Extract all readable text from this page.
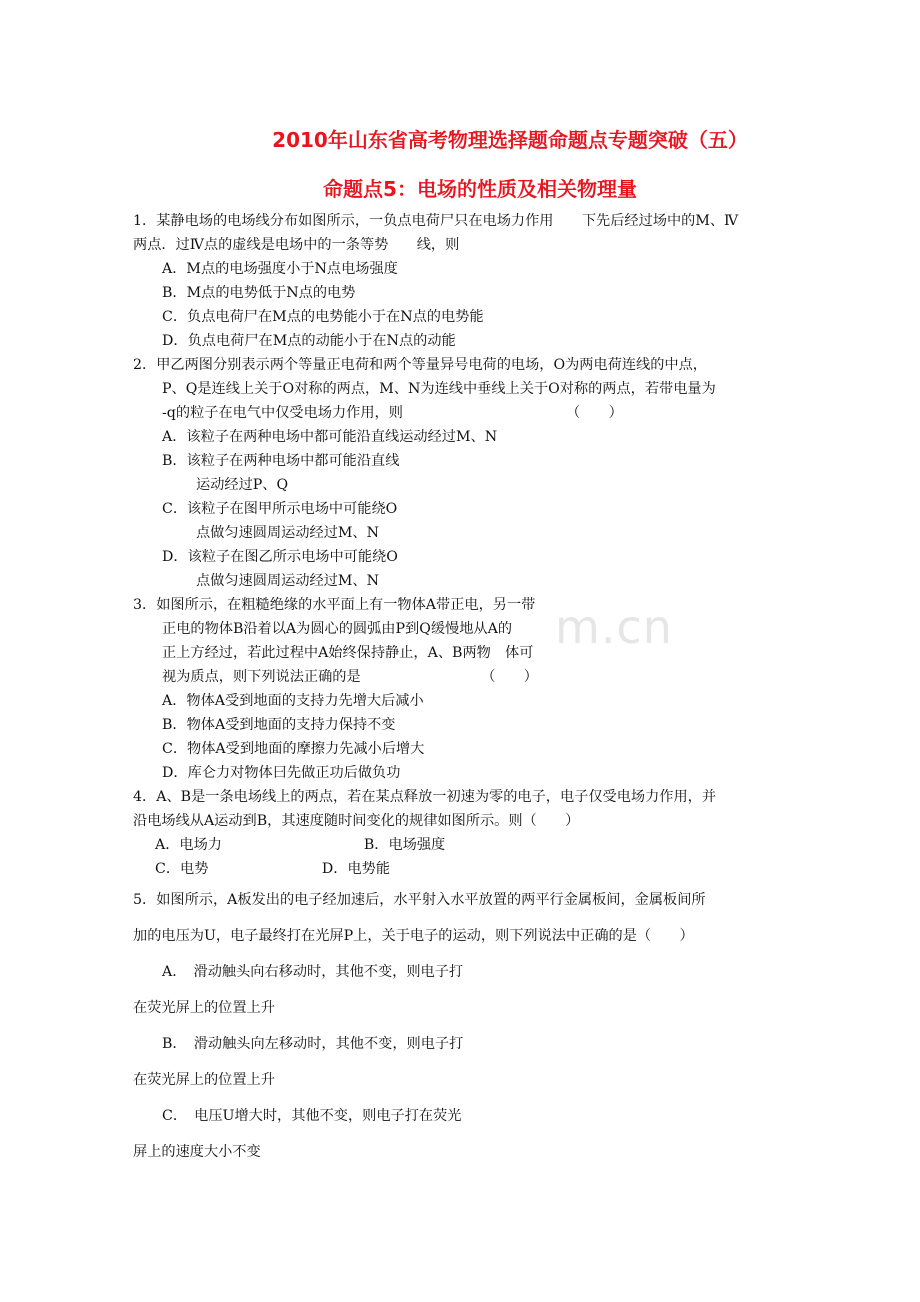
m.cn
2010年山东省高考物理选择题命题点专题突破（五）
命题点5：电场的性质及相关物理量
1．某静电场的电场线分布如图所示，一负点电荷尸只在电场力作用　　下先后经过场中的M、Ⅳ
两点．过Ⅳ点的虚线是电场中的一条等势　　线，则
A．M点的电场强度小于N点电场强度
B．M点的电势低于N点的电势
C．负点电荷尸在M点的电势能小于在N点的电势能
D．负点电荷尸在M点的动能小于在N点的动能
2．甲乙两图分别表示两个等量正电荷和两个等量异号电荷的电场，O为两电荷连线的中点，
P、Q是连线上关于O对称的两点，M、N为连线中垂线上关于O对称的两点，若带电量为
-q的粒子在电气中仅受电场力作用，则　　　　　　　　　　　　（　　）
A．该粒子在两种电场中都可能沿直线运动经过M、N
B．该粒子在两种电场中都可能沿直线
运动经过P、Q
C．该粒子在图甲所示电场中可能绕O
点做匀速圆周运动经过M、N
D．该粒子在图乙所示电场中可能绕O
点做匀速圆周运动经过M、N
3．如图所示，在粗糙绝缘的水平面上有一物体A带正电，另一带
正电的物体B沿着以A为圆心的圆弧由P到Q缓慢地从A的
正上方经过，若此过程中A始终保持静止，A、B两物　体可
视为质点，则下列说法正确的是　　　　　　　　　（　　）
A．物体A受到地面的支持力先增大后减小
B．物体A受到地面的支持力保持不变
C．物体A受到地面的摩擦力先减小后增大
D．库仑力对物体曰先做正功后做负功
4．A、B是一条电场线上的两点，若在某点释放一初速为零的电子，电子仅受电场力作用，并
沿电场线从A运动到B，其速度随时间变化的规律如图所示。则（　　）
A．电场力　　　　　　　　　　B．电场强度
C．电势　　　　　　　　D．电势能
5．如图所示，A板发出的电子经加速后，水平射入水平放置的两平行金属板间，金属板间所
加的电压为U，电子最终打在光屏P上，关于电子的运动，则下列说法中正确的是（　　）
A．　滑动触头向右移动时，其他不变，则电子打
在荧光屏上的位置上升
B．　滑动触头向左移动时，其他不变，则电子打
在荧光屏上的位置上升
C．　电压U增大时，其他不变，则电子打在荧光
屏上的速度大小不变
